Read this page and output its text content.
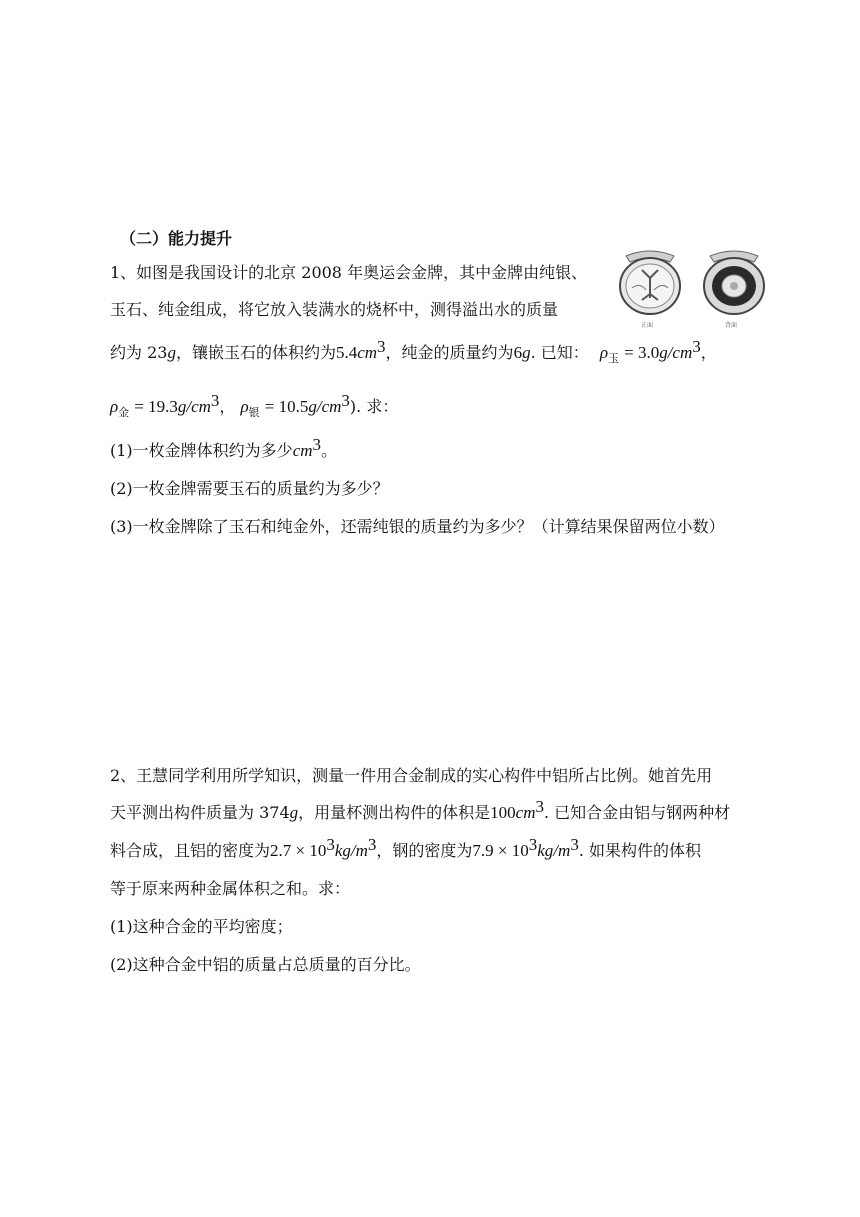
（二）能力提升
1、如图是我国设计的北京 2008 年奥运会金牌，其中金牌由纯银、
玉石、纯金组成，将它放入装满水的烧杯中，测得溢出水的质量
正面	背面
约为 23g，镶嵌玉石的体积约为$5.4cm^3$，纯金的质量约为6g. 已知： $\rho_玉 = 3.0g/cm^3$，
$\rho_金 = 19.3g/cm^3$， $\rho_银 = 10.5g/cm^3$). 求：
(1)一枚金牌体积约为多少$cm^3$。
(2)一枚金牌需要玉石的质量约为多少？
(3)一枚金牌除了玉石和纯金外，还需纯银的质量约为多少？（计算结果保留两位小数）
2、王慧同学利用所学知识，测量一件用合金制成的实心构件中铝所占比例。她首先用
天平测出构件质量为 374g，用量杯测出构件的体积是$100cm^3$. 已知合金由铝与钢两种材
料合成，且铝的密度为$2.7 \times 10^3kg/m^3$，钢的密度为$7.9 \times 10^3kg/m^3$. 如果构件的体积
等于原来两种金属体积之和。求：
(1)这种合金的平均密度；
(2)这种合金中铝的质量占总质量的百分比。
